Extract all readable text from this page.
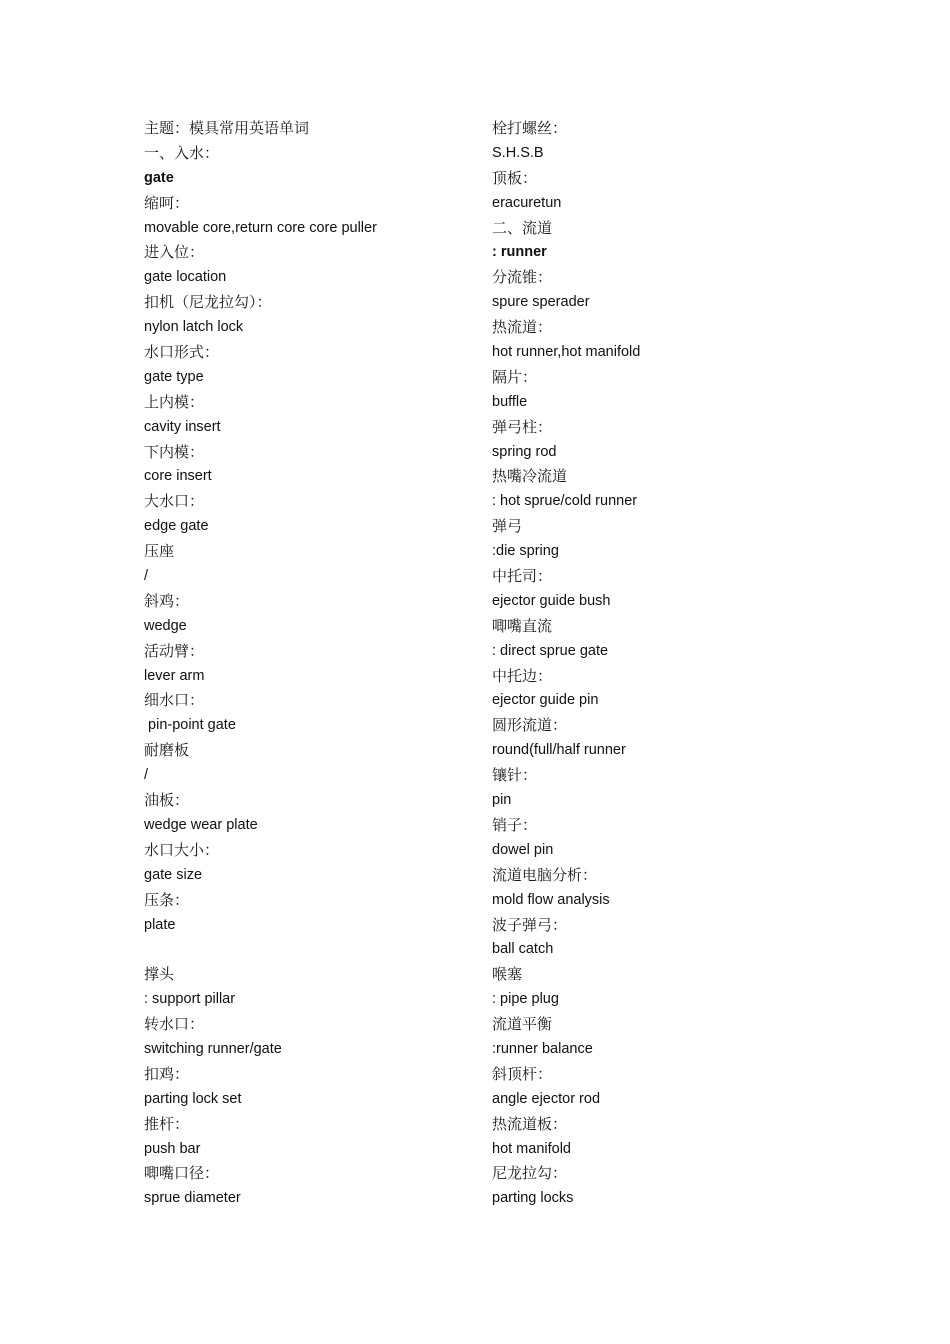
主题：模具常用英语单词
一、入水：
gate
缩呵：
movable core,return core core puller
进入位：
gate location
扣机（尼龙拉勾）：
nylon latch lock
水口形式：
gate type
上内模：
cavity insert
下内模：
core insert
大水口：
edge gate
压座
/
斜鸡：
wedge
活动臂：
lever arm
细水口：
pin-point gate
耐磨板
/
油板：
wedge wear plate
水口大小：
gate size
压条：
plate
撑头
: support pillar
转水口：
switching runner/gate
扣鸡：
parting lock set
推杆：
push bar
唧嘴口径：
sprue diameter
栓打螺丝：
S.H.S.B
顶板：
eracuretun
二、流道
: runner
分流锥：
spure sperader
热流道：
hot runner,hot manifold
隔片：
buffle
弹弓柱：
spring rod
热嘴冷流道
: hot sprue/cold runner
弹弓
:die spring
中托司：
ejector guide bush
唧嘴直流
: direct sprue gate
中托边：
ejector guide pin
圆形流道：
round(full/half runner
镶针：
pin
销子：
dowel pin
流道电脑分析：
mold flow analysis
波子弹弓：
ball catch
喉塞
: pipe plug
流道平衡
:runner balance
斜顶杆：
angle ejector rod
热流道板：
hot manifold
尼龙拉勾：
parting locks
